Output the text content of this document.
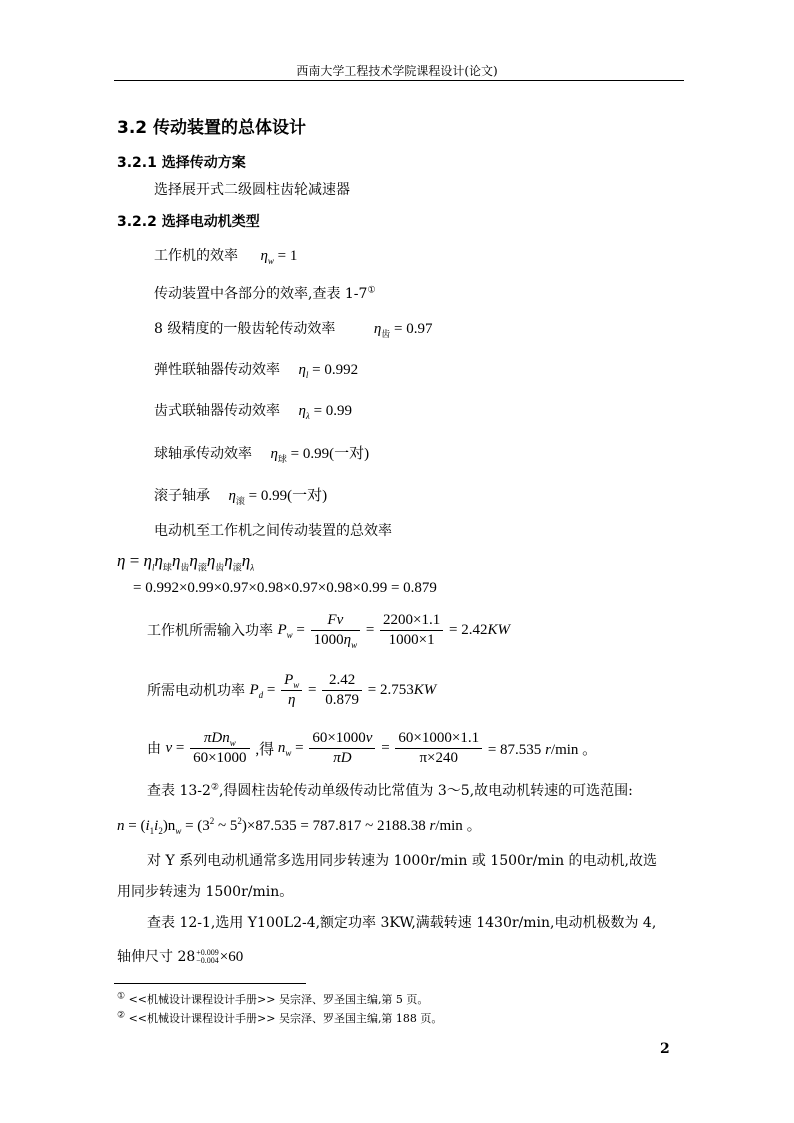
西南大学工程技术学院课程设计(论文)
3.2 传动装置的总体设计
3.2.1 选择传动方案
选择展开式二级圆柱齿轮减速器
3.2.2 选择电动机类型
工作机的效率 $\eta_w = 1$
传动装置中各部分的效率,查表 1-7①
8 级精度的一般齿轮传动效率	$\eta_齿 = 0.97$
弹性联轴器传动效率 $\eta_l = 0.992$
齿式联轴器传动效率 $\eta_\lambda = 0.99$
球轴承传动效率 $\eta_球 = 0.99$(一对)
滚子轴承 $\eta_滚 = 0.99$(一对)
电动机至工作机之间传动装置的总效率
$\eta = \eta_l\eta_球\eta_齿\eta_滚\eta_齿\eta_滚\eta_\lambda$
= 0.992×0.99×0.97×0.98×0.97×0.98×0.99 = 0.879
工作机所需输入功率 $P_w = \frac{Fv}{1000\eta_w} = \frac{2200\times 1.1}{1000\times 1} = 2.42KW$
所需电动机功率 $P_d = \frac{P_w}{\eta} = \frac{2.42}{0.879} = 2.753KW$
由 $v = \frac{\pi Dn_w}{60\times 1000}$ ,得 $n_w = \frac{60\times 1000v}{\pi D} = \frac{60\times 1000\times 1.1}{\pi\times 240} = 87.535$ r/min 。
查表 13-2②,得圆柱齿轮传动单级传动比常值为 3～5,故电动机转速的可选范围:
$n = (i_1i_2)n_w = (3^2$ ~ $5^2)\times 87.535 = 787.817$ ~ 2188.38 r/min 。
对 Y 系列电动机通常多选用同步转速为 1000r/min 或 1500r/min 的电动机,故选
用同步转速为 1500r/min。
查表 12-1,选用 Y100L2-4,额定功率 3KW,满载转速 1430r/min,电动机极数为 4,
轴伸尺寸 28 +0.009
−0.004 ×60
① <<机械设计课程设计手册>> 吴宗泽、罗圣国主编,第 5 页。
② <<机械设计课程设计手册>> 吴宗泽、罗圣国主编,第 188 页。
2
